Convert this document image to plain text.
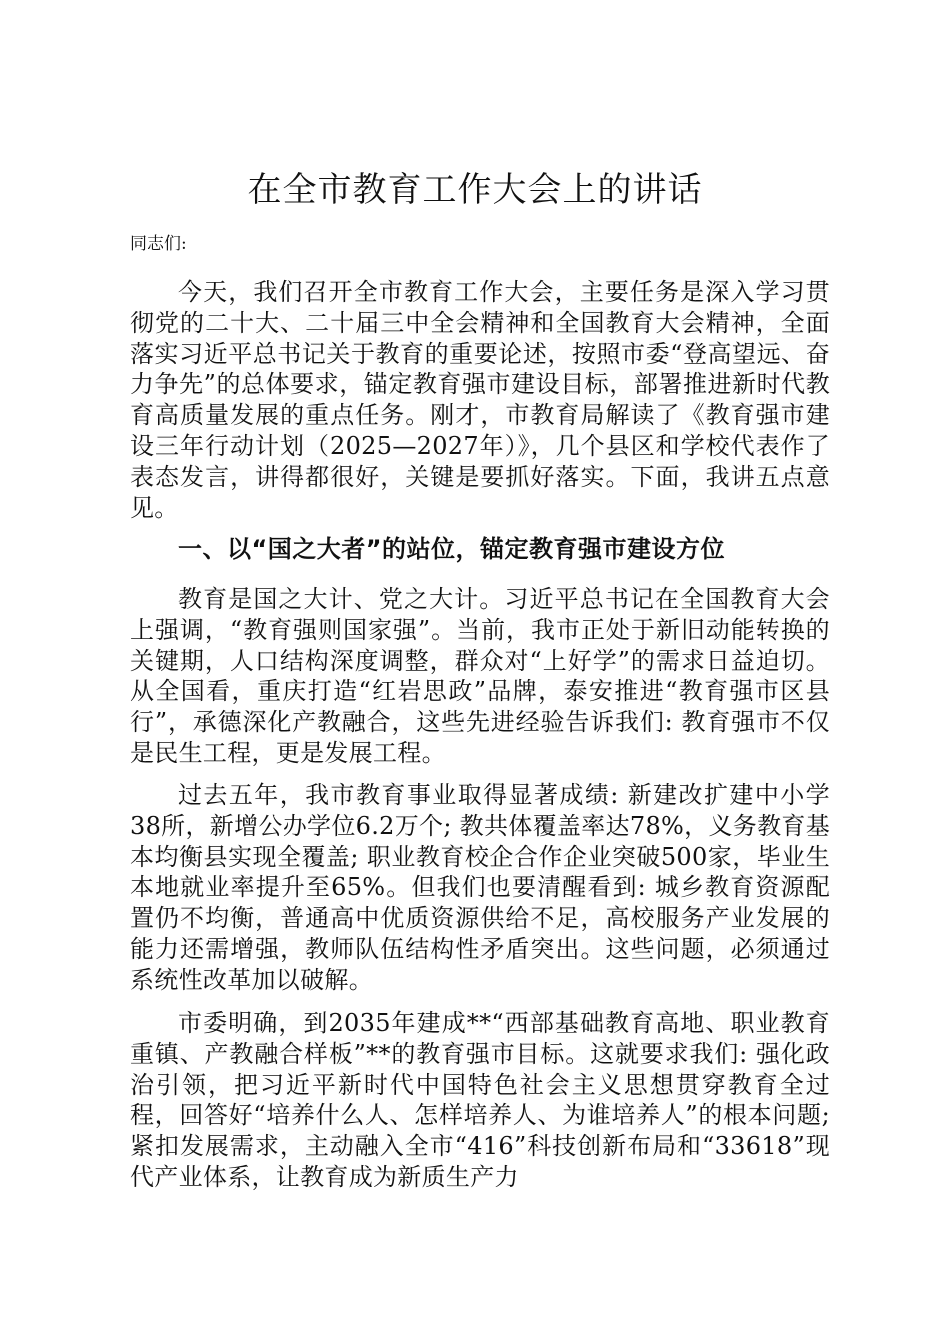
在全市教育工作大会上的讲话

同志们:

今天，我们召开全市教育工作大会，主要任务是深入学习贯彻党的二十大、二十届三中全会精神和全国教育大会精神，全面落实习近平总书记关于教育的重要论述，按照市委“登高望远、奋力争先”的总体要求，锚定教育强市建设目标，部署推进新时代教育高质量发展的重点任务。刚才，市教育局解读了《教育强市建设三年行动计划（2025—2027年）》，几个县区和学校代表作了表态发言，讲得都很好，关键是要抓好落实。下面，我讲五点意见。

一、以“国之大者”的站位，锚定教育强市建设方位

教育是国之大计、党之大计。习近平总书记在全国教育大会上强调，“教育强则国家强”。当前，我市正处于新旧动能转换的关键期，人口结构深度调整，群众对“上好学”的需求日益迫切。从全国看，重庆打造“红岩思政”品牌，泰安推进“教育强市区县行”，承德深化产教融合，这些先进经验告诉我们: 教育强市不仅是民生工程，更是发展工程。

过去五年，我市教育事业取得显著成绩: 新建改扩建中小学38所，新增公办学位6.2万个; 教共体覆盖率达78%，义务教育基本均衡县实现全覆盖; 职业教育校企合作企业突破500家，毕业生本地就业率提升至65%。但我们也要清醒看到: 城乡教育资源配置仍不均衡，普通高中优质资源供给不足，高校服务产业发展的能力还需增强，教师队伍结构性矛盾突出。这些问题，必须通过系统性改革加以破解。

市委明确，到2035年建成**“西部基础教育高地、职业教育重镇、产教融合样板”**的教育强市目标。这就要求我们: 强化政治引领，把习近平新时代中国特色社会主义思想贯穿教育全过程，回答好“培养什么人、怎样培养人、为谁培养人”的根本问题; 紧扣发展需求，主动融入全市“416”科技创新布局和“33618”现代产业体系，让教育成为新质生产力
